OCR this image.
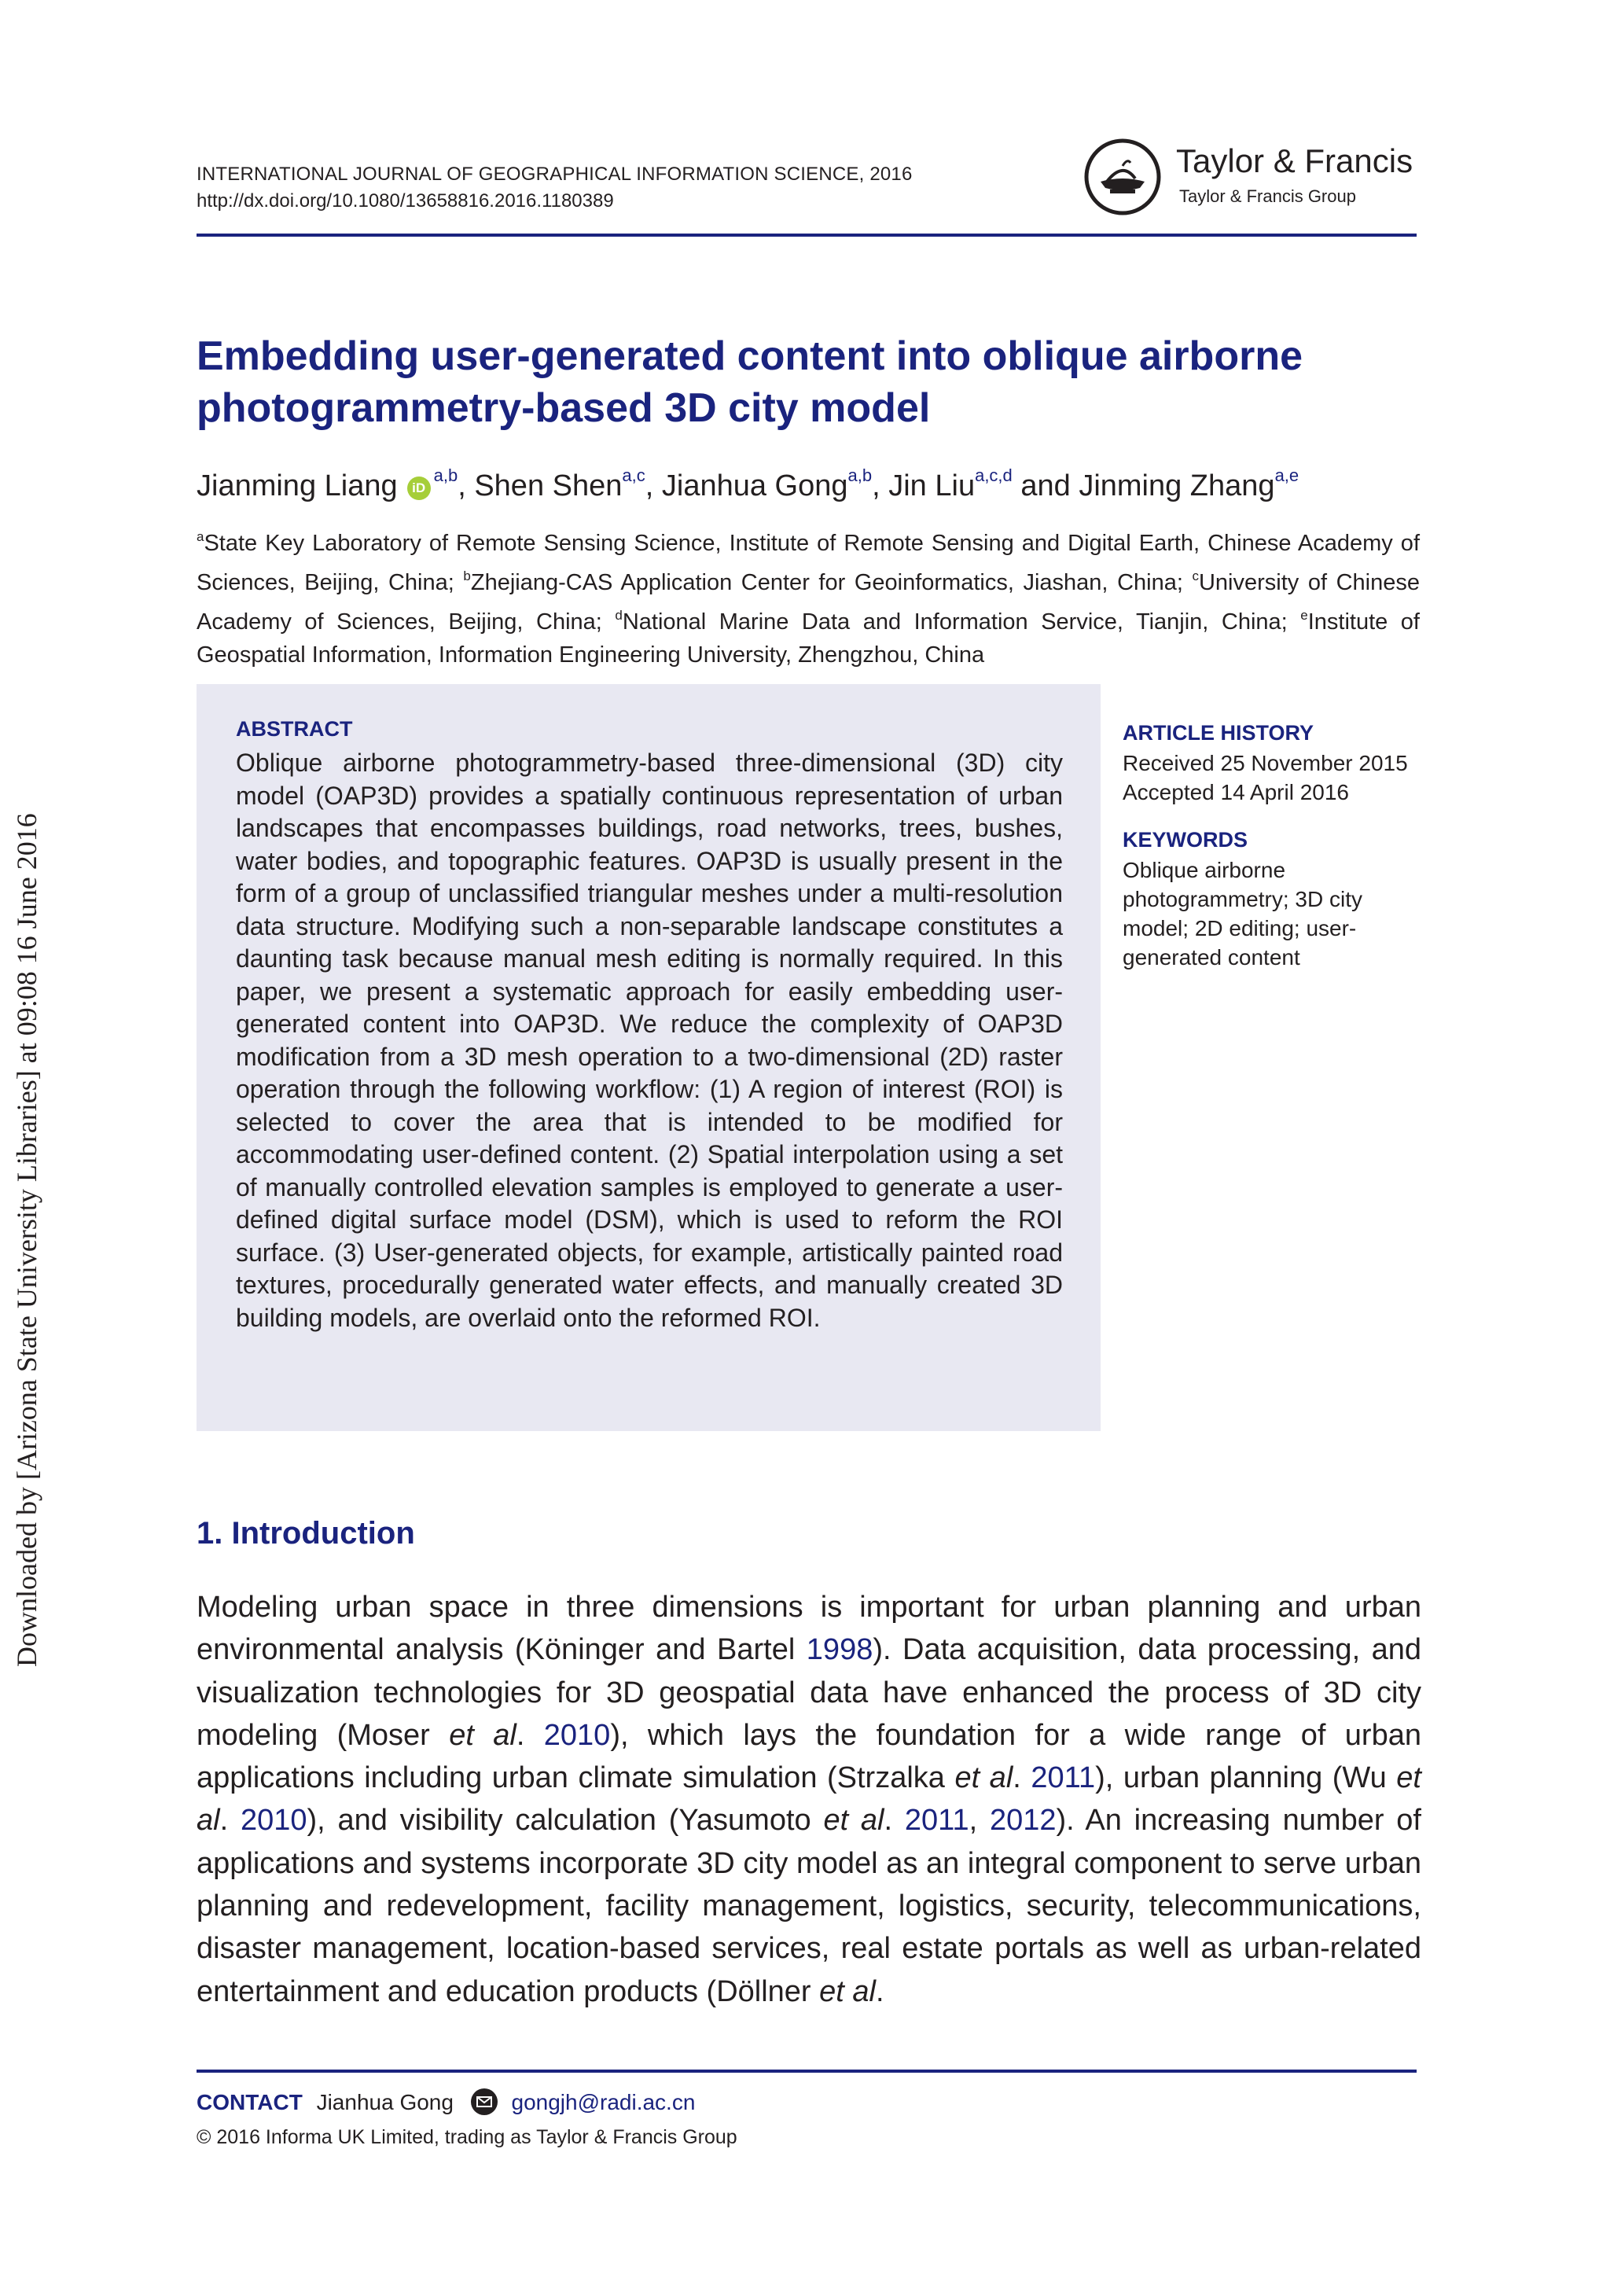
Downloaded by [Arizona State University Libraries] at 09:08 16 June 2016
INTERNATIONAL JOURNAL OF GEOGRAPHICAL INFORMATION SCIENCE, 2016
http://dx.doi.org/10.1080/13658816.2016.1180389
Taylor & Francis
Taylor & Francis Group
Embedding user-generated content into oblique airborne photogrammetry-based 3D city model
Jianming Liang iD$^{a,b}$, Shen Shen$^{a,c}$, Jianhua Gong$^{a,b}$, Jin Liu$^{a,c,d}$ and Jinming Zhang$^{a,e}$
$^a$State Key Laboratory of Remote Sensing Science, Institute of Remote Sensing and Digital Earth, Chinese Academy of Sciences, Beijing, China; $^b$Zhejiang-CAS Application Center for Geoinformatics, Jiashan, China; $^c$University of Chinese Academy of Sciences, Beijing, China; $^d$National Marine Data and Information Service, Tianjin, China; $^e$Institute of Geospatial Information, Information Engineering University, Zhengzhou, China
ABSTRACT

Oblique airborne photogrammetry-based three-dimensional (3D) city model (OAP3D) provides a spatially continuous representation of urban landscapes that encompasses buildings, road networks, trees, bushes, water bodies, and topographic features. OAP3D is usually present in the form of a group of unclassified triangular meshes under a multi-resolution data structure. Modifying such a non-separable landscape constitutes a daunting task because manual mesh editing is normally required. In this paper, we present a systematic approach for easily embedding user-generated content into OAP3D. We reduce the complexity of OAP3D modification from a 3D mesh operation to a two-dimensional (2D) raster operation through the following workflow: (1) A region of interest (ROI) is selected to cover the area that is intended to be modified for accommodating user-defined content. (2) Spatial interpolation using a set of manually controlled elevation samples is employed to generate a user-defined digital surface model (DSM), which is used to reform the ROI surface. (3) User-generated objects, for example, artistically painted road textures, procedurally generated water effects, and manually created 3D building models, are overlaid onto the reformed ROI.

ARTICLE HISTORY
Received 25 November 2015
Accepted 14 April 2016
KEYWORDS
Oblique airborne photogrammetry; 3D city model; 2D editing; user-generated content
1. Introduction

Modeling urban space in three dimensions is important for urban planning and urban environmental analysis (Köninger and Bartel 1998). Data acquisition, data processing, and visualization technologies for 3D geospatial data have enhanced the process of 3D city modeling (Moser et al. 2010), which lays the foundation for a wide range of urban applications including urban climate simulation (Strzalka et al. 2011), urban planning (Wu et al. 2010), and visibility calculation (Yasumoto et al. 2011, 2012). An increasing number of applications and systems incorporate 3D city model as an integral component to serve urban planning and redevelopment, facility management, logistics, security, telecommunications, disaster management, location-based services, real estate portals as well as urban-related entertainment and education products (Döllner et al.

CONTACT Jianhua Gong	gongjh@radi.ac.cn
© 2016 Informa UK Limited, trading as Taylor & Francis Group
